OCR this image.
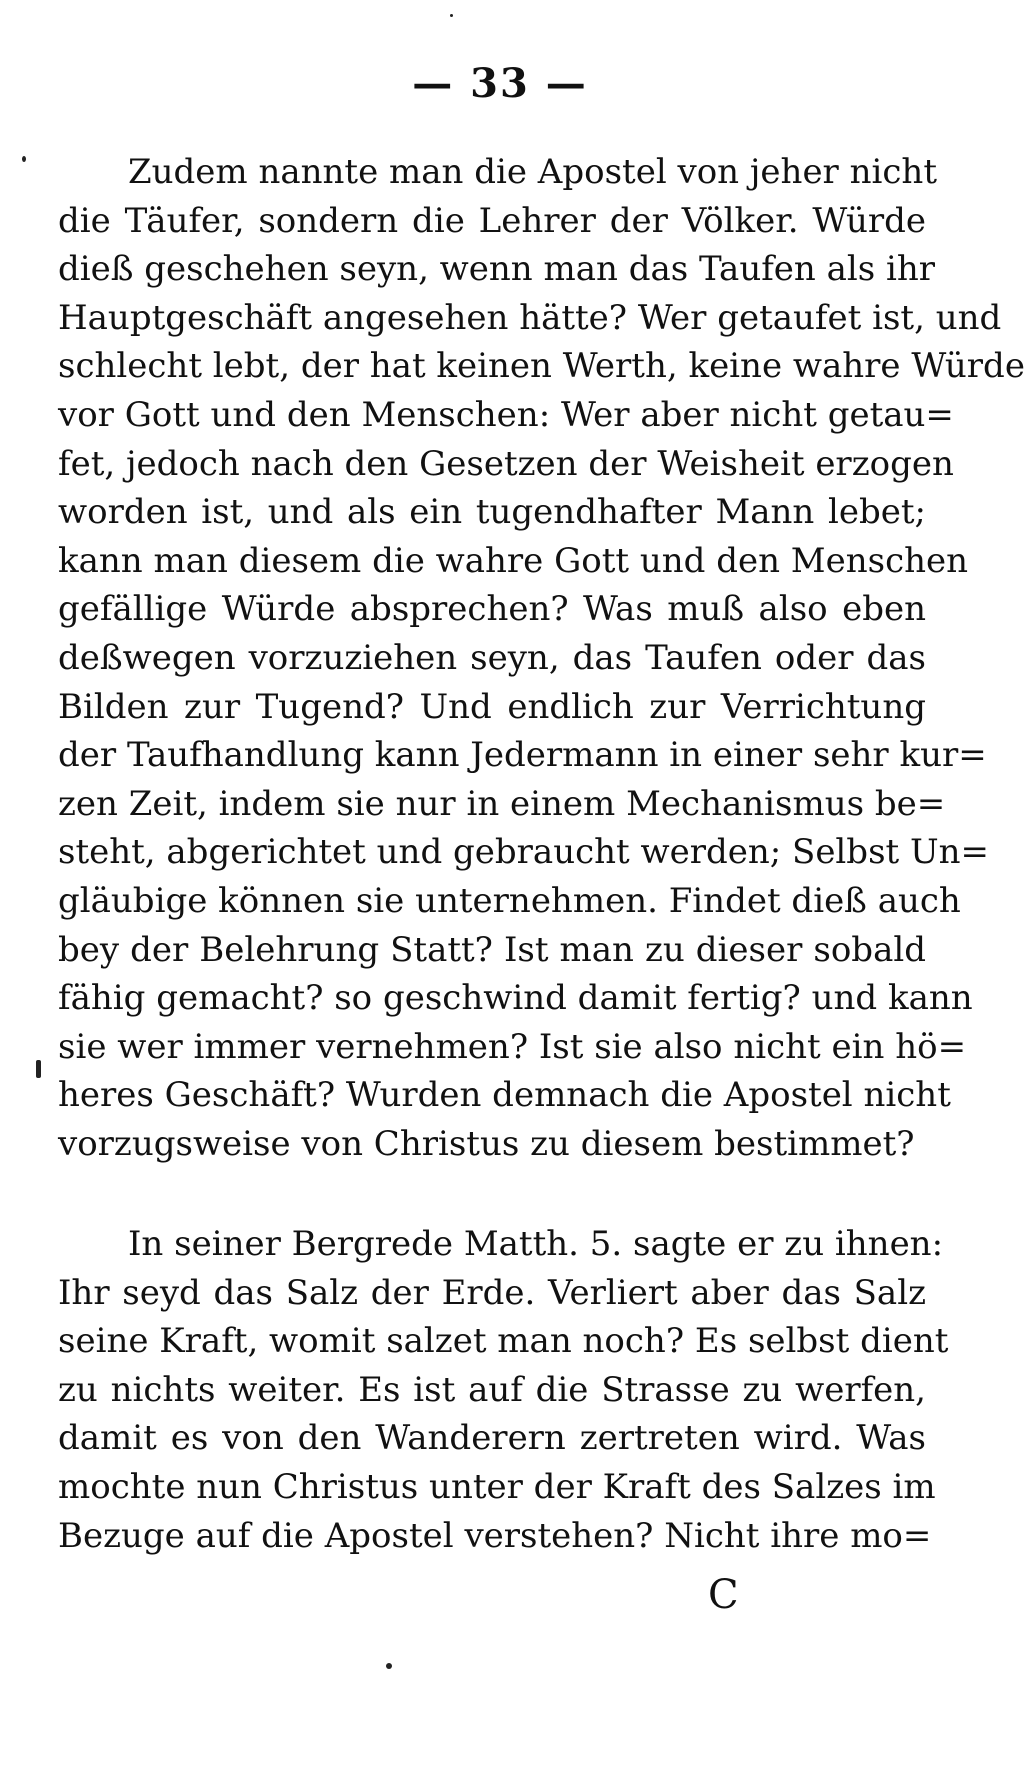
— 33 —
Zudem nannte man die Apostel von jeher nicht
die Täufer, sondern die Lehrer der Völker. Würde
dieß geschehen seyn, wenn man das Taufen als ihr
Hauptgeschäft angesehen hätte? Wer getaufet ist, und
schlecht lebt, der hat keinen Werth, keine wahre Würde
vor Gott und den Menschen: Wer aber nicht getau=
fet, jedoch nach den Gesetzen der Weisheit erzogen
worden ist, und als ein tugendhafter Mann lebet;
kann man diesem die wahre Gott und den Menschen
gefällige Würde absprechen? Was muß also eben
deßwegen vorzuziehen seyn, das Taufen oder das
Bilden zur Tugend? Und endlich zur Verrichtung
der Taufhandlung kann Jedermann in einer sehr kur=
zen Zeit, indem sie nur in einem Mechanismus be=
steht, abgerichtet und gebraucht werden; Selbst Un=
gläubige können sie unternehmen. Findet dieß auch
bey der Belehrung Statt? Ist man zu dieser sobald
fähig gemacht? so geschwind damit fertig? und kann
sie wer immer vernehmen? Ist sie also nicht ein hö=
heres Geschäft? Wurden demnach die Apostel nicht
vorzugsweise von Christus zu diesem bestimmet?
In seiner Bergrede Matth. 5. sagte er zu ihnen:
Ihr seyd das Salz der Erde. Verliert aber das Salz
seine Kraft, womit salzet man noch? Es selbst dient
zu nichts weiter. Es ist auf die Strasse zu werfen,
damit es von den Wanderern zertreten wird. Was
mochte nun Christus unter der Kraft des Salzes im
Bezuge auf die Apostel verstehen? Nicht ihre mo=
C
